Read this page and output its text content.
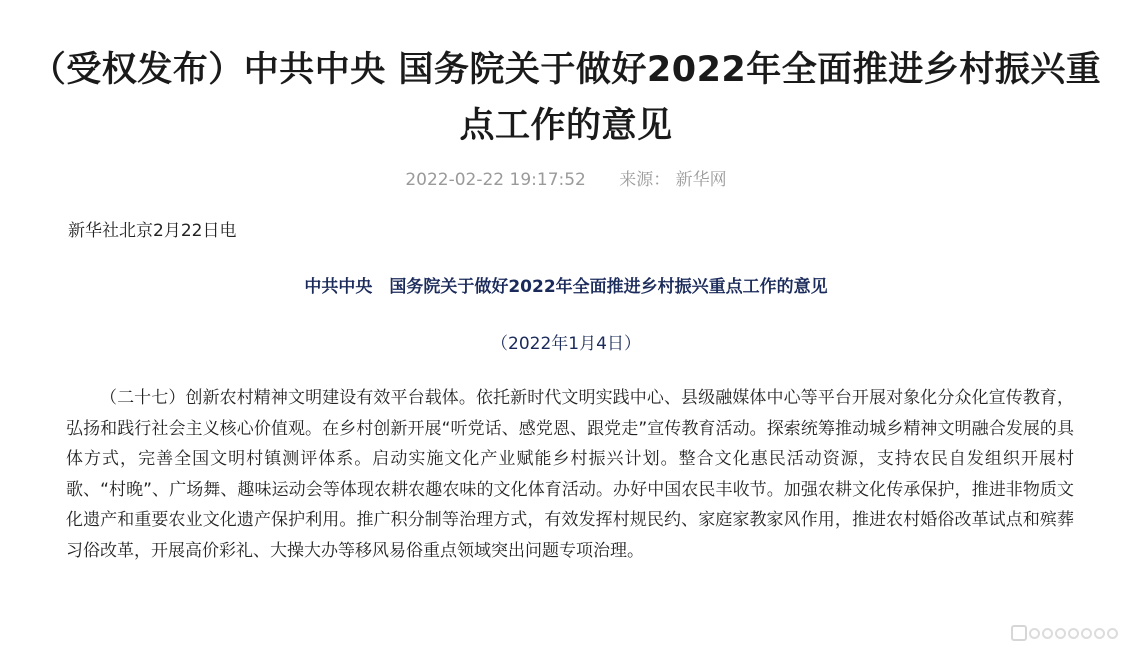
（受权发布）中共中央 国务院关于做好2022年全面推进乡村振兴重点工作的意见
2022-02-22 19:17:52 来源： 新华网
新华社北京2月22日电
中共中央　国务院关于做好2022年全面推进乡村振兴重点工作的意见
（2022年1月4日）

（二十七）创新农村精神文明建设有效平台载体。依托新时代文明实践中心、县级融媒体中心等平台开展对象化分众化宣传教育，弘扬和践行社会主义核心价值观。在乡村创新开展“听党话、感党恩、跟党走”宣传教育活动。探索统筹推动城乡精神文明融合发展的具体方式，完善全国文明村镇测评体系。启动实施文化产业赋能乡村振兴计划。整合文化惠民活动资源，支持农民自发组织开展村歌、“村晚”、广场舞、趣味运动会等体现农耕农趣农味的文化体育活动。办好中国农民丰收节。加强农耕文化传承保护，推进非物质文化遗产和重要农业文化遗产保护利用。推广积分制等治理方式，有效发挥村规民约、家庭家教家风作用，推进农村婚俗改革试点和殡葬习俗改革，开展高价彩礼、大操大办等移风易俗重点领域突出问题专项治理。
